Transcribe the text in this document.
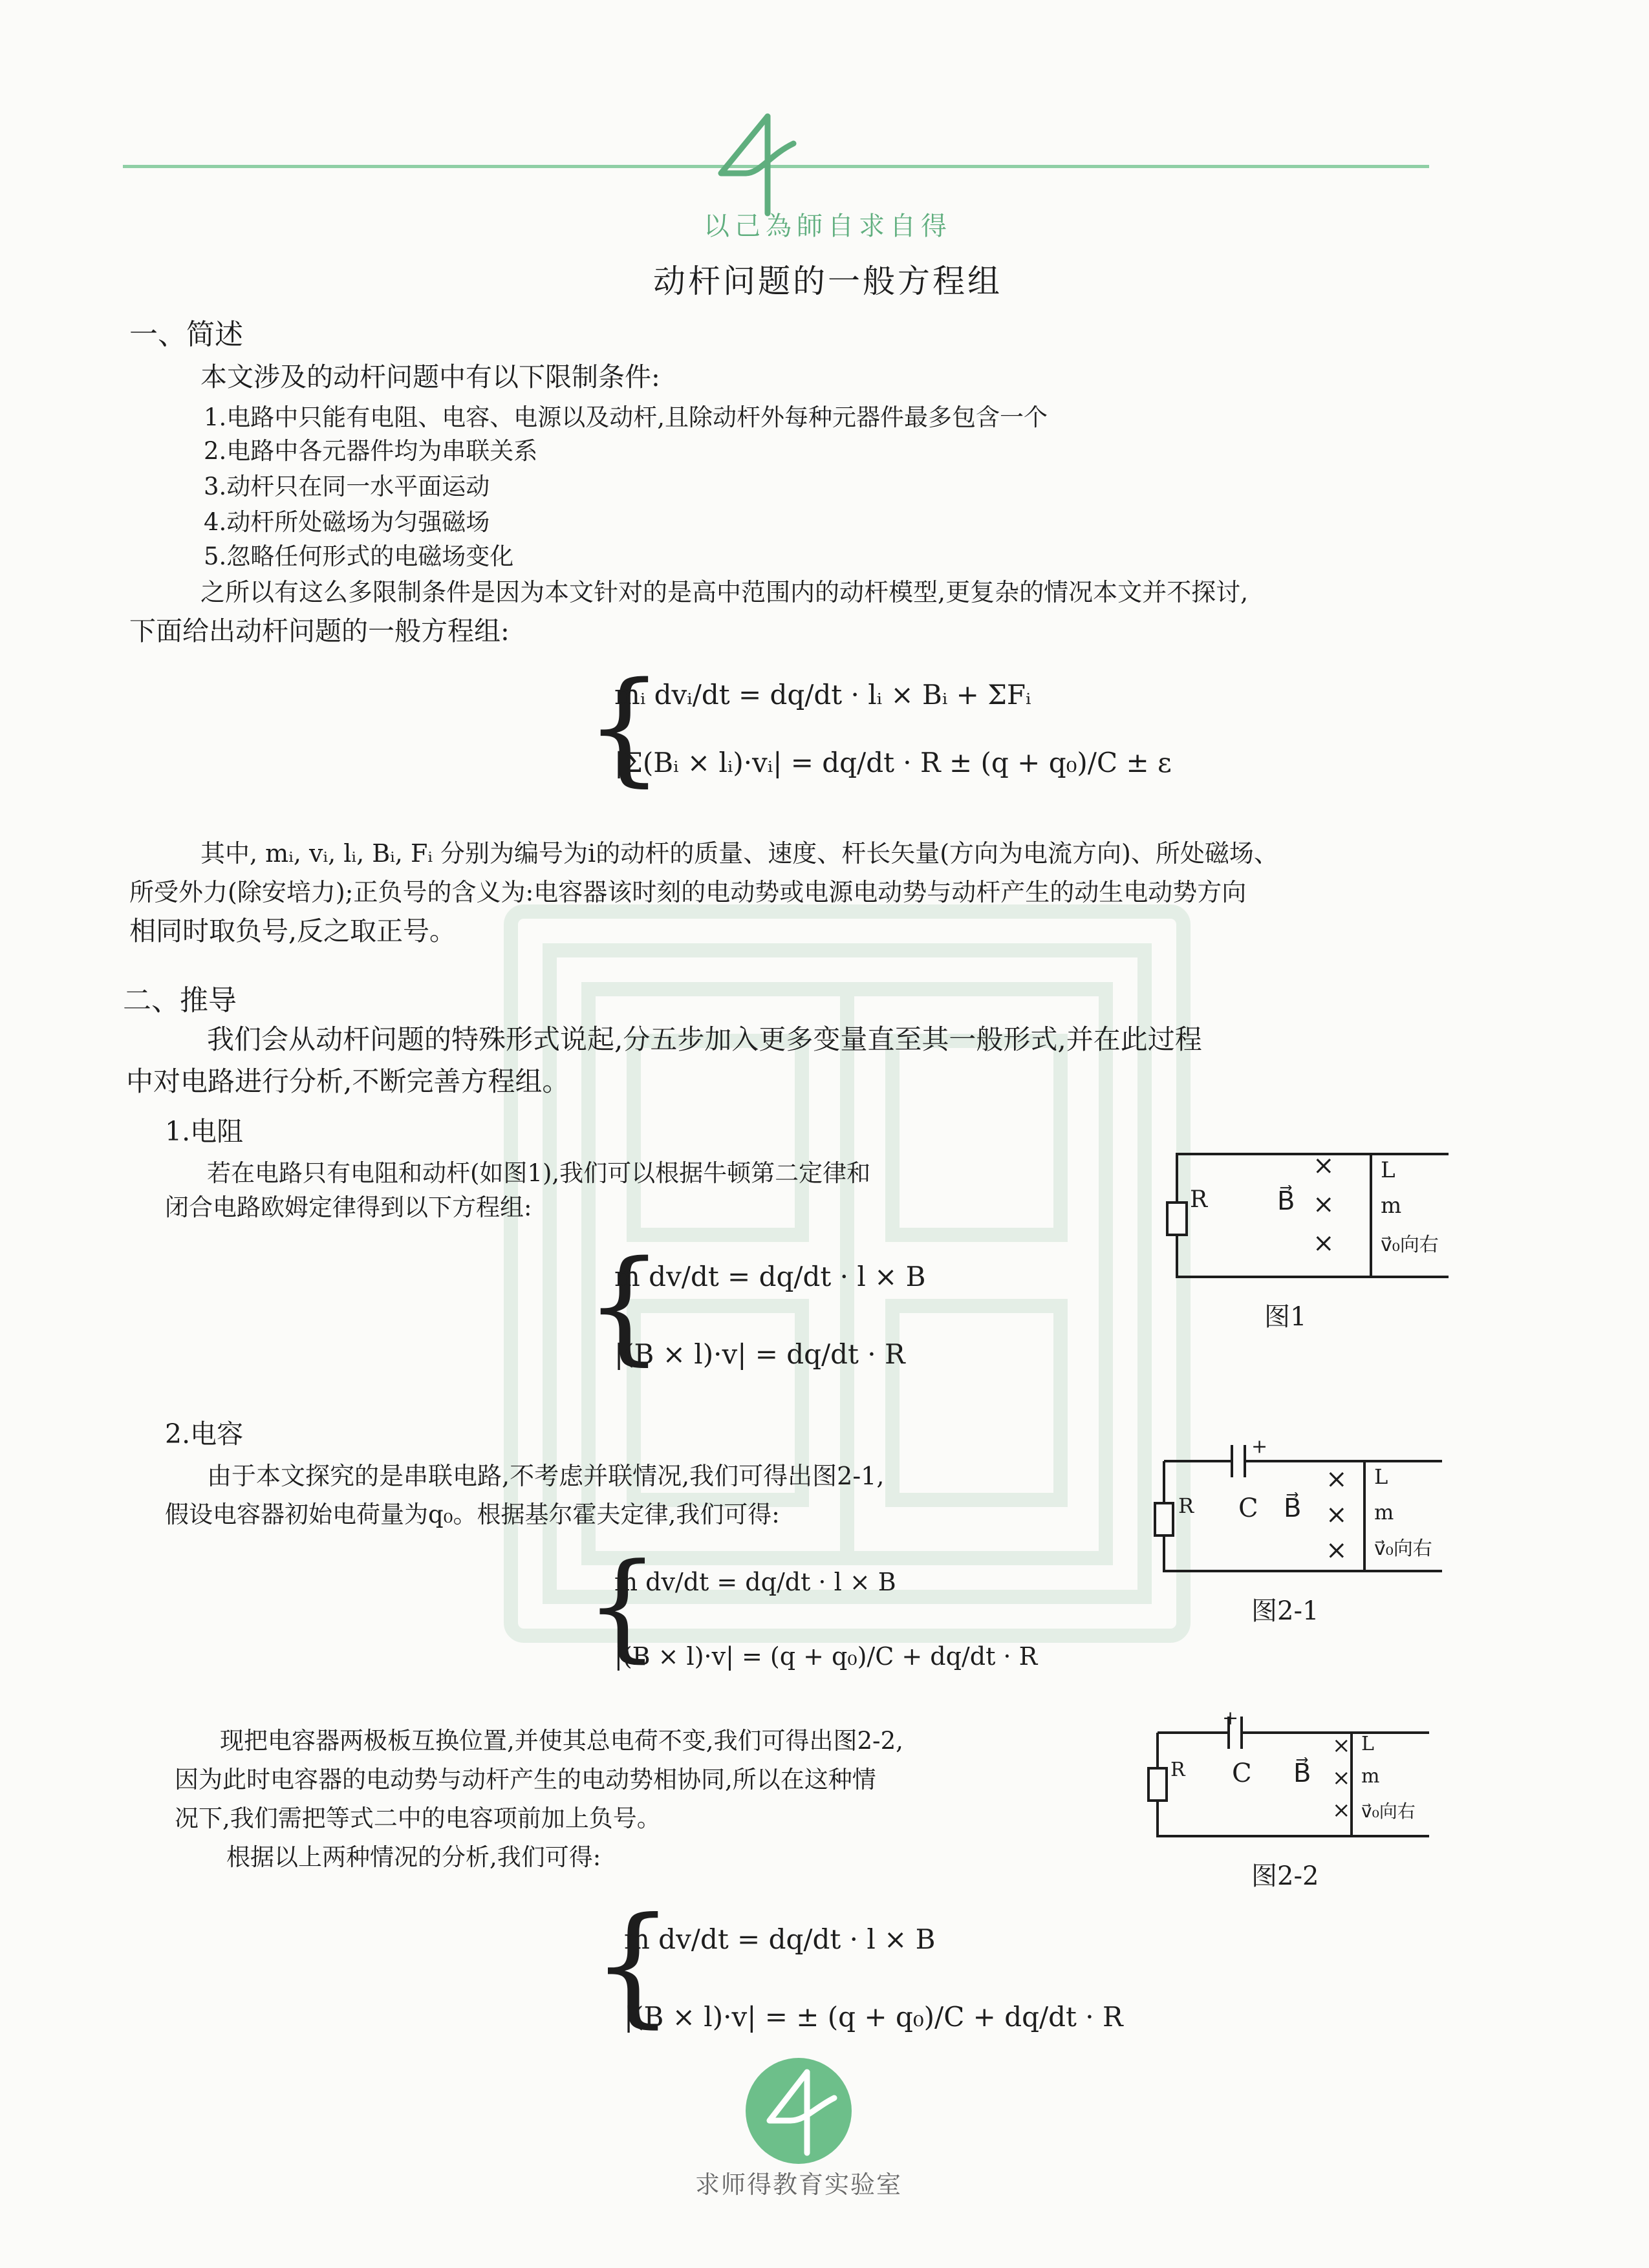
以己為師自求自得
动杆问题的一般方程组
一、简述
本文涉及的动杆问题中有以下限制条件:
1.电路中只能有电阻、电容、电源以及动杆,且除动杆外每种元器件最多包含一个
2.电路中各元器件均为串联关系
3.动杆只在同一水平面运动
4.动杆所处磁场为匀强磁场
5.忽略任何形式的电磁场变化
之所以有这么多限制条件是因为本文针对的是高中范围内的动杆模型,更复杂的情况本文并不探讨,
下面给出动杆问题的一般方程组:
{
mᵢ dvᵢ/dt = dq/dt · lᵢ × Bᵢ + ΣFᵢ
|Σ(Bᵢ × lᵢ)·vᵢ| = dq/dt · R ± (q + q₀)/C ± ε
其中, mᵢ, vᵢ, lᵢ, Bᵢ, Fᵢ 分别为编号为i的动杆的质量、速度、杆长矢量(方向为电流方向)、所处磁场、
所受外力(除安培力);正负号的含义为:电容器该时刻的电动势或电源电动势与动杆产生的动生电动势方向
相同时取负号,反之取正号。
二、推导
我们会从动杆问题的特殊形式说起,分五步加入更多变量直至其一般形式,并在此过程
中对电路进行分析,不断完善方程组。
1.电阻
若在电路只有电阻和动杆(如图1),我们可以根据牛顿第二定律和
闭合电路欧姆定律得到以下方程组:
{
m dv/dt = dq/dt · l × B
|(B × l)·v| = dq/dt · R
R	B⃗
×
×
×
L
m
v⃗₀向右
图1
2.电容
由于本文探究的是串联电路,不考虑并联情况,我们可得出图2-1,
假设电容器初始电荷量为q₀。根据基尔霍夫定律,我们可得:
{
m dv/dt = dq/dt · l × B
|(B × l)·v| = (q + q₀)/C + dq/dt · R
+
R C B⃗
×
×
×
L
m
v⃗₀向右
图2-1
现把电容器两极板互换位置,并使其总电荷不变,我们可得出图2-2,
因为此时电容器的电动势与动杆产生的电动势相协同,所以在这种情
况下,我们需把等式二中的电容项前加上负号。
根据以上两种情况的分析,我们可得:
+
R C B⃗
×
×
×
L
m
v⃗₀向右
图2-2
{
m dv/dt = dq/dt · l × B
|(B × l)·v| = ± (q + q₀)/C + dq/dt · R
求师得教育实验室
